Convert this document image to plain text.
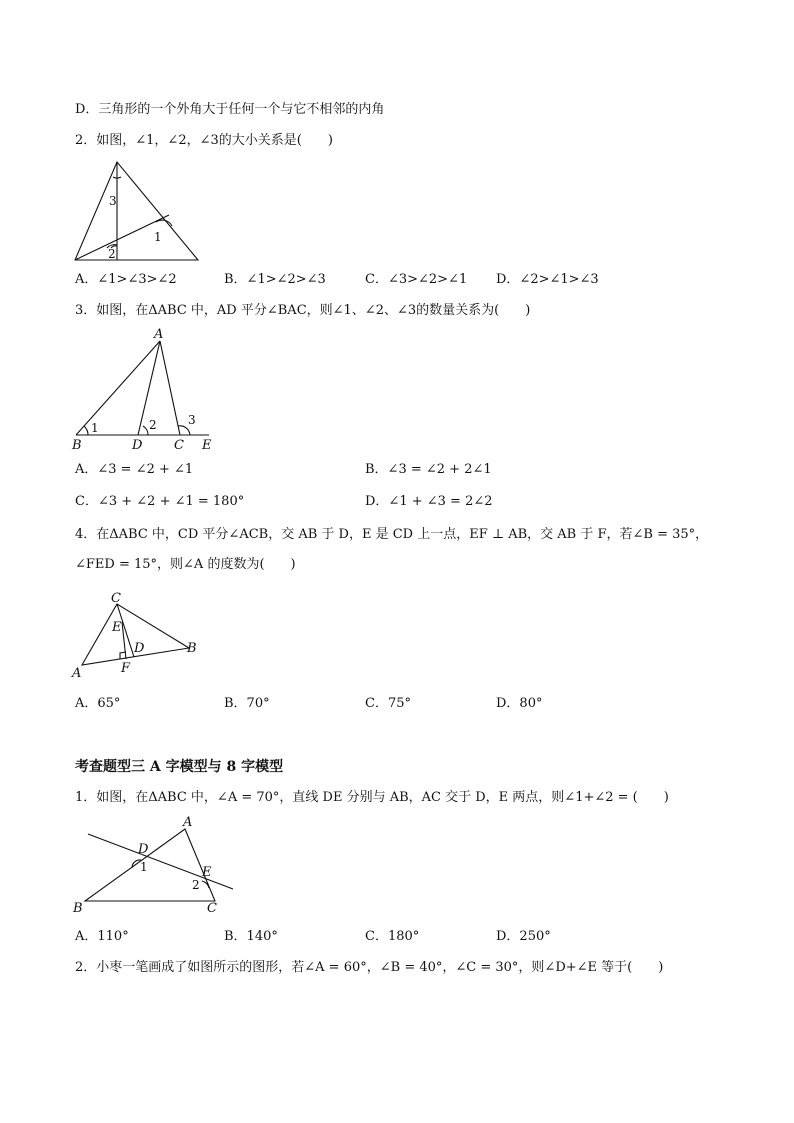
D．三角形的一个外角大于任何一个与它不相邻的内角
2．如图，∠1，∠2，∠3的大小关系是(　　)
3
1
2
A．∠1>∠3>∠2	B．∠1>∠2>∠3	C．∠3>∠2>∠1 D．∠2>∠1>∠3
3．如图，在ΔABC 中，AD 平分∠BAC，则∠1、∠2、∠3的数量关系为(　　)
A
B	D C E
1	2	3
A．∠3 = ∠2 + ∠1	B．∠3 = ∠2 + 2∠1
C．∠3 + ∠2 + ∠1 = 180°	D．∠1 + ∠3 = 2∠2
4．在ΔABC 中，CD 平分∠ACB，交 AB 于 D，E 是 CD 上一点，EF ⊥ AB，交 AB 于 F，若∠B = 35°，
∠FED = 15°，则∠A 的度数为(　　)
C
E
D	B
A	F
A．65°	B．70°	C．75°	D．80°
考查题型三 A 字模型与 8 字模型
1．如图，在ΔABC 中，∠A = 70°，直线 DE 分别与 AB，AC 交于 D，E 两点，则∠1+∠2 = (　　)
A
D
E
B	C
1
2
A．110°	B．140°	C．180°	D．250°
2．小枣一笔画成了如图所示的图形，若∠A = 60°，∠B = 40°，∠C = 30°，则∠D+∠E 等于(　　)
